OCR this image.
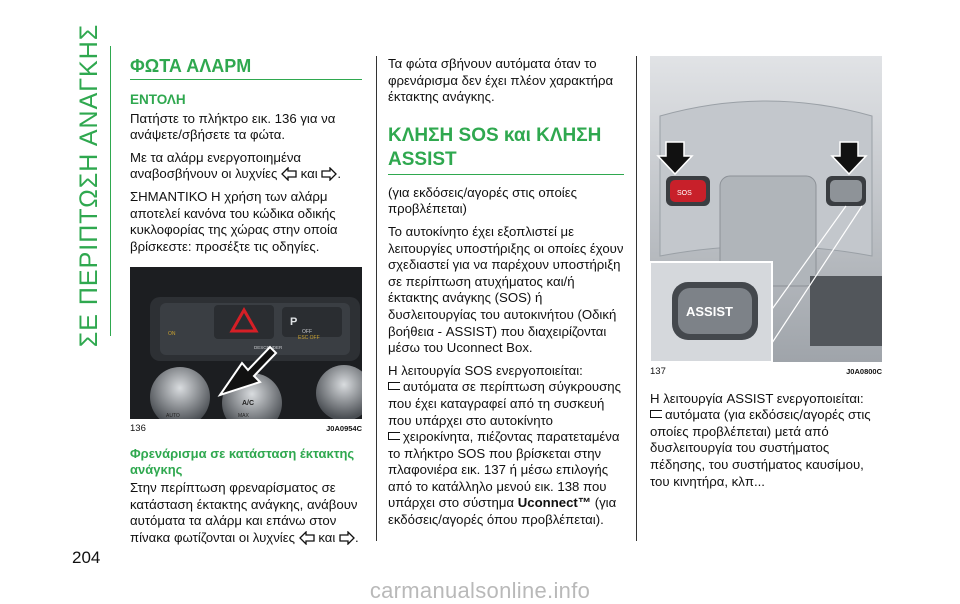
ΣΕ ΠΕΡΙΠΤΩΣΗ ΑΝΑΓΚΗΣ ΦΩΤΑ ΑΛΑΡΜ
ΕΝΤΟΛΗ

Πατήστε το πλήκτρο εικ. 136 για να ανάψετε/σβήσετε τα φώτα.

Με τα αλάρμ ενεργοποιημένα αναβοσβήνουν οι λυχνίες και .

ΣΗΜΑΝΤΙΚΟ Η χρήση των αλάρμ αποτελεί κανόνα του κώδικα οδικής κυκλοφορίας της χώρας στην οποία βρίσκεστε: προσέξτε τις οδηγίες.

P
OFF
ON
DESCENDER
ESC OFF
A/C
AUTO	MAX
136	J0A0954C
Φρενάρισμα σε κατάσταση έκτακτης ανάγκης

Στην περίπτωση φρεναρίσματος σε κατάσταση έκτακτης ανάγκης, ανάβουν αυτόματα τα αλάρμ και επάνω στον πίνακα φωτίζονται οι λυχνίες και .

Τα φώτα σβήνουν αυτόματα όταν το φρενάρισμα δεν έχει πλέον χαρακτήρα έκτακτης ανάγκης.

ΚΛΗΣΗ SOS και ΚΛΗΣΗ
ASSIST

(για εκδόσεις/αγορές στις οποίες προβλέπεται)

Το αυτοκίνητο έχει εξοπλιστεί με λειτουργίες υποστήριξης οι οποίες έχουν σχεδιαστεί για να παρέχουν υποστήριξη σε περίπτωση ατυχήματος και/ή έκτακτης ανάγκης (SOS) ή δυσλειτουργίας του αυτοκινήτου (Οδική βοήθεια - ASSIST) που διαχειρίζονται μέσω του Uconnect Box.

Η λειτουργία SOS ενεργοποιείται:

αυτόματα σε περίπτωση σύγκρουσης που έχει καταγραφεί από τη συσκευή που υπάρχει στο αυτοκίνητο

χειροκίνητα, πιέζοντας παρατεταμένα το πλήκτρο SOS που βρίσκεται στην πλαφονιέρα εικ. 137 ή μέσω επιλογής από το κατάλληλο μενού εικ. 138 που υπάρχει στο σύστημα Uconnect™ (για εκδόσεις/αγορές όπου προβλέπεται).

SOS
ASSIST
137	J0A0800C

Η λειτουργία ASSIST ενεργοποιείται:

αυτόματα (για εκδόσεις/αγορές στις οποίες προβλέπεται) μετά από δυσλειτουργία του συστήματος πέδησης, του συστήματος καυσίμου, του κινητήρα, κλπ...

204
carmanualsonline.info
